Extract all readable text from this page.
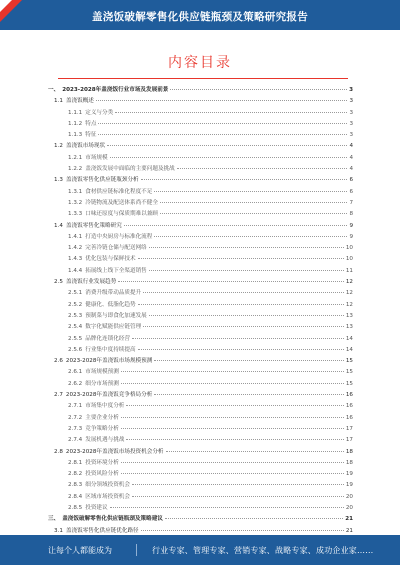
盖浇饭破解零售化供应链瓶颈及策略研究报告
内容目录
一、 2023-2028年盖浇饭行业市场及发展前景	3
1.1 盖浇饭概述	3
1.1.1 定义与分类	3
1.1.2 特点	3
1.1.3 特征	3
1.2 盖浇饭市场现状	4
1.2.1 市场规模	4
1.2.2 盖浇饭发展中面临的主要问题及挑战	4
1.3 盖浇饭零售化供应链瓶颈分析	6
1.3.1 食材供应链标准化程度不足	6
1.3.2 冷链物流及配送体系尚不健全	7
1.3.3 口味还原度与保质期难以兼顾	8
1.4 盖浇饭零售化策略研究	9
1.4.1 打造中央厨房与标准化流程	9
1.4.2 完善冷链仓储与配送网络	10
1.4.3 优化包装与保鲜技术	10
1.4.4 拓展线上线下全渠道销售	11
2.5 盖浇饭行业发展趋势	12
2.5.1 消费升级带动品质提升	12
2.5.2 健康化、低脂化趋势	12
2.5.3 预制菜与即食化加速发展	13
2.5.4 数字化赋能供应链管理	13
2.5.5 品牌化连锁化经营	14
2.5.6 行业集中度持续提高	14
2.6 2023-2028年盖浇饭市场规模预测	15
2.6.1 市场规模预测	15
2.6.2 细分市场预测	15
2.7 2023-2028年盖浇饭竞争格局分析	16
2.7.1 市场集中度分析	16
2.7.2 主要企业分析	16
2.7.3 竞争策略分析	17
2.7.4 发展机遇与挑战	17
2.8 2023-2028年盖浇饭市场投资机会分析	18
2.8.1 投资环境分析	18
2.8.2 投资风险分析	19
2.8.3 细分领域投资机会	19
2.8.4 区域市场投资机会	20
2.8.5 投资建议	20
三、 盖浇饭破解零售化供应链瓶颈及策略建议	21
3.1 盖浇饭零售化供应链优化路径	21
让每个人都能成为	行业专家、管理专家、营销专家、战略专家、成功企业家……
